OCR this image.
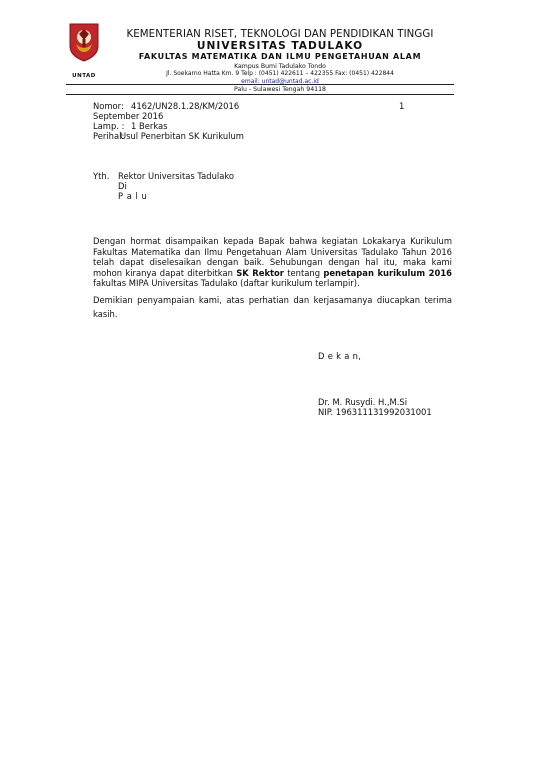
UNTAD
KEMENTERIAN RISET, TEKNOLOGI DAN PENDIDIKAN TINGGI
UNIVERSITAS TADULAKO
FAKULTAS MATEMATIKA DAN ILMU PENGETAHUAN ALAM
Kampus Bumi Tadulako Tondo
Jl. Soekarno Hatta Km. 9 Telp : (0451) 422611 – 422355 Fax: (0451) 422844
email: untad@untad.ac.id
Palu - Sulawesi Tengah 94118
Nomor: 4162/UN28.1.28/KM/2016	1
September 2016
Lamp. : 1 Berkas
Perihal:
Usul Penerbitan SK Kurikulum
Yth. Rektor Universitas Tadulako
Di
P a l u
Dengan hormat disampaikan kepada Bapak bahwa kegiatan Lokakarya Kurikulum Fakultas Matematika dan Ilmu Pengetahuan Alam Universitas Tadulako Tahun 2016 telah dapat diselesaikan dengan baik. Sehubungan dengan hal itu, maka kami mohon kiranya dapat diterbitkan SK Rektor tentang penetapan kurikulum 2016 fakultas MIPA Universitas Tadulako (daftar kurikulum terlampir).
Demikian penyampaian kami, atas perhatian dan kerjasamanya diucapkan terima kasih.
D e k a n,
Dr. M. Rusydi. H.,M.Si
NIP. 196311131992031001
